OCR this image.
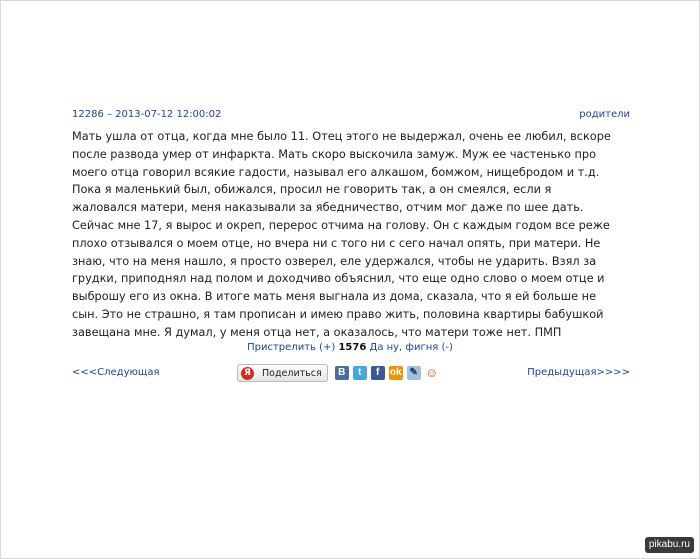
12286 – 2013-07-12 12:00:02	родители
Мать ушла от отца, когда мне было 11. Отец этого не выдержал, очень ее любил, вскоре после развода умер от инфаркта. Мать скоро выскочила замуж. Муж ее частенько про моего отца говорил всякие гадости, называл его алкашом, бомжом, нищебродом и т.д. Пока я маленький был, обижался, просил не говорить так, а он смеялся, если я жаловался матери, меня наказывали за ябедничество, отчим мог даже по шее дать. Сейчас мне 17, я вырос и окреп, перерос отчима на голову. Он с каждым годом все реже плохо отзывался о моем отце, но вчера ни с того ни с сего начал опять, при матери. Не знаю, что на меня нашло, я просто озверел, еле удержался, чтобы не ударить. Взял за грудки, приподнял над полом и доходчиво объяснил, что еще одно слово о моем отце и выброшу его из окна. В итоге мать меня выгнала из дома, сказала, что я ей больше не сын. Это не страшно, я там прописан и имею право жить, половина квартиры бабушкой завещана мне. Я думал, у меня отца нет, а оказалось, что матери тоже нет. ПМП
Пристрелить (+) 1576 Да ну, фигня (-)
<<<Следующая	Я	Поделиться	B	t	f	ok ✎ ☺	Предыдущая>>>>
pikabu.ru
